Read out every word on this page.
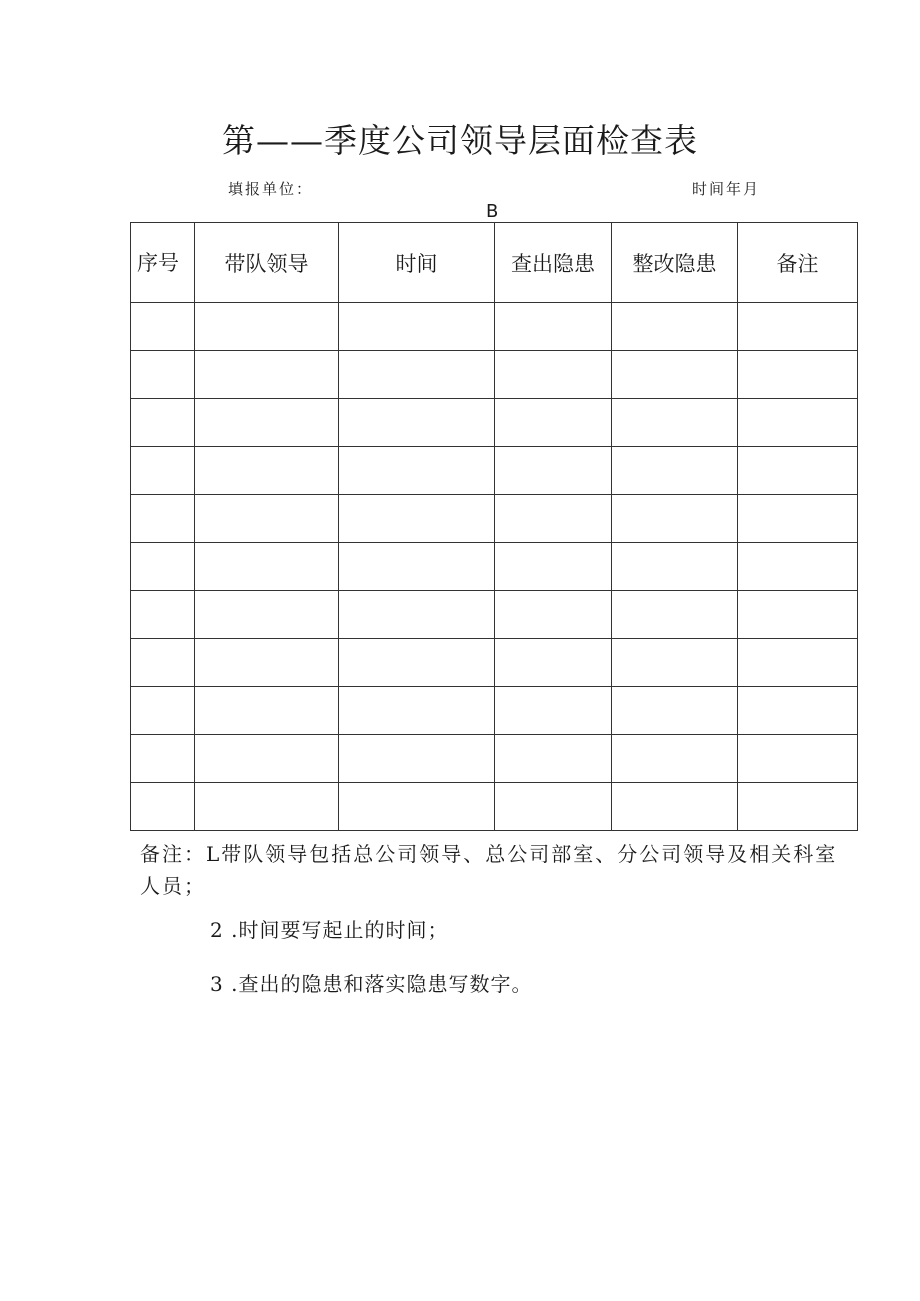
第——季度公司领导层面检查表
填报单位：	时间年月
B
序号	带队领导	时间	查出隐患	整改隐患	备注

备注：L带队领导包括总公司领导、总公司部室、分公司领导及相关科室人员；

2 .时间要写起止的时间；

3 .查出的隐患和落实隐患写数字。
